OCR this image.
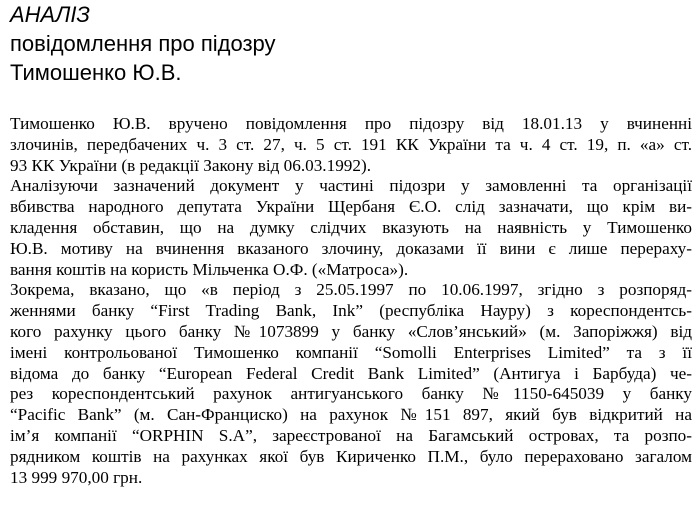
АНАЛІЗ
повідомлення про підозру
Тимошенко Ю.В.
Тимошенко Ю.В. вручено повідомлення про підозру від 18.01.13 у вчиненні
злочинів, передбачених ч. 3 ст. 27, ч. 5 ст. 191 КК України та ч. 4 ст. 19, п. «а» ст.
93 КК України (в редакції Закону від 06.03.1992).
Аналізуючи зазначений документ у частині підозри у замовленні та організації
вбивства народного депутата України Щербаня Є.О. слід зазначати, що крім ви-
кладення обставин, що на думку слідчих вказують на наявність у Тимошенко
Ю.В. мотиву на вчинення вказаного злочину, доказами її вини є лише перераху-
вання коштів на користь Мільченка О.Ф. («Матроса»).
Зокрема, вказано, що «в період з 25.05.1997 по 10.06.1997, згідно з розпоряд-
женнями банку “First Trading Bank, Ink” (республіка Науру) з кореспондентсь-
кого рахунку цього банку №1073899 у банку «Слов’янський» (м. Запоріжжя) від
імені контрольованої Тимошенко компанії “Somolli Enterprises Limited” та з її
відома до банку “European Federal Credit Bank Limited” (Антигуа і Барбуда) че-
рез кореспондентський рахунок антигуанського банку №1150-645039 у банку
“Pacific Bank” (м. Сан-Франциско) на рахунок №151 897, який був відкритий на
ім’я компанії “ORPHIN S.A”, зареєстрованої на Багамський островах, та розпо-
рядником коштів на рахунках якої був Кириченко П.М., було перераховано загалом
13 999 970,00 грн.
